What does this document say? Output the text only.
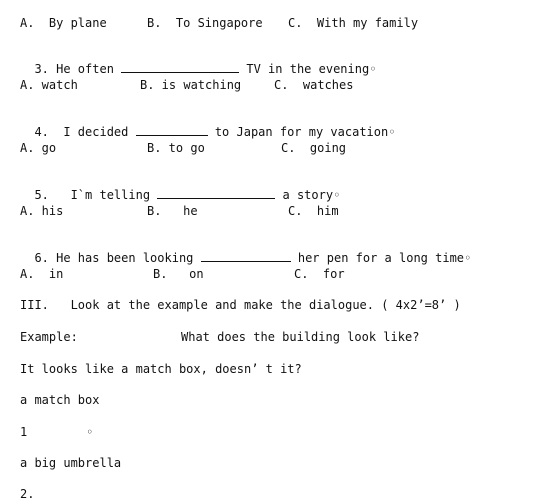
A.  By plane	B.  To Singapore C.  With my family

3. He often	TV in the evening◦

A. watch	B. is watching	C.  watches

4.  I decided	to Japan for my vacation◦

A. go	B. to go	C.  going

5.   I`m telling	a story◦

A. his	B.   he	C.  him

6. He has been looking	her pen for a long time◦

A.  in	B.   on	C.  for
III.   Look at the example and make the dialogue. ( 4x2’=8’ )
Example:	What does the building look like?
It looks like a match box, doesn’ t it?
a match box
1	◦
a big umbrella
2.
